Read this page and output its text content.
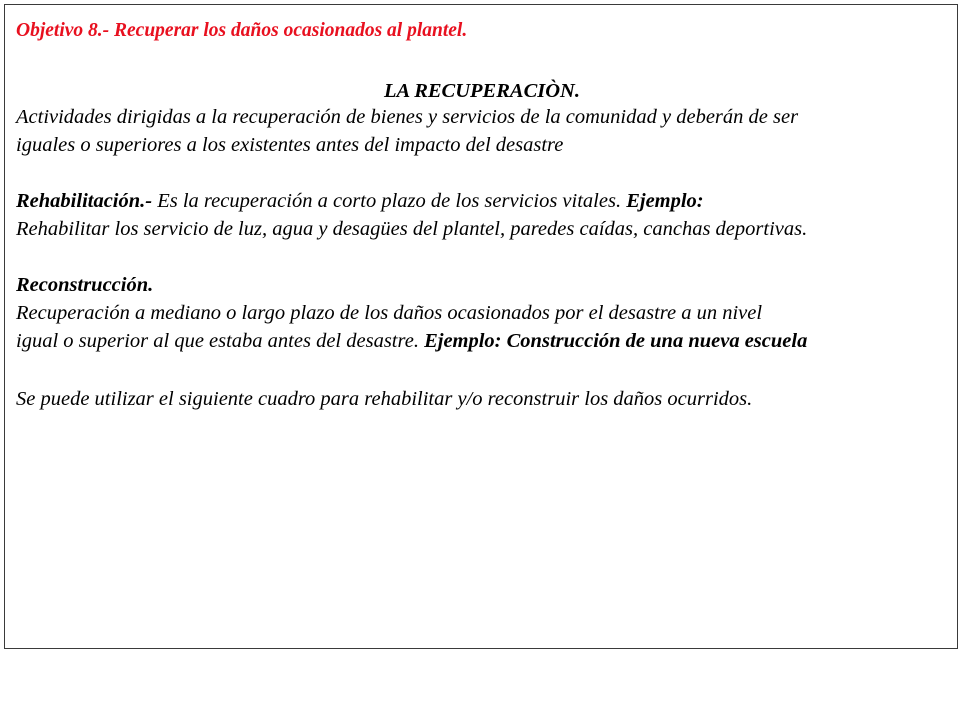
Objetivo 8.- Recuperar los daños ocasionados al plantel.
LA RECUPERACIÒN.
Actividades dirigidas a la recuperación de bienes y servicios de la comunidad y deberán de ser
iguales o superiores a los existentes antes del impacto del desastre
Rehabilitación.- Es la recuperación a corto plazo de los servicios vitales. Ejemplo:
Rehabilitar los servicio de luz, agua y desagües del plantel, paredes caídas, canchas deportivas.
Reconstrucción.
Recuperación a mediano o largo plazo de los daños ocasionados por el desastre a un nivel
igual o superior al que estaba antes del desastre. Ejemplo: Construcción de una nueva escuela
Se puede utilizar el siguiente cuadro para rehabilitar y/o reconstruir los daños ocurridos.
